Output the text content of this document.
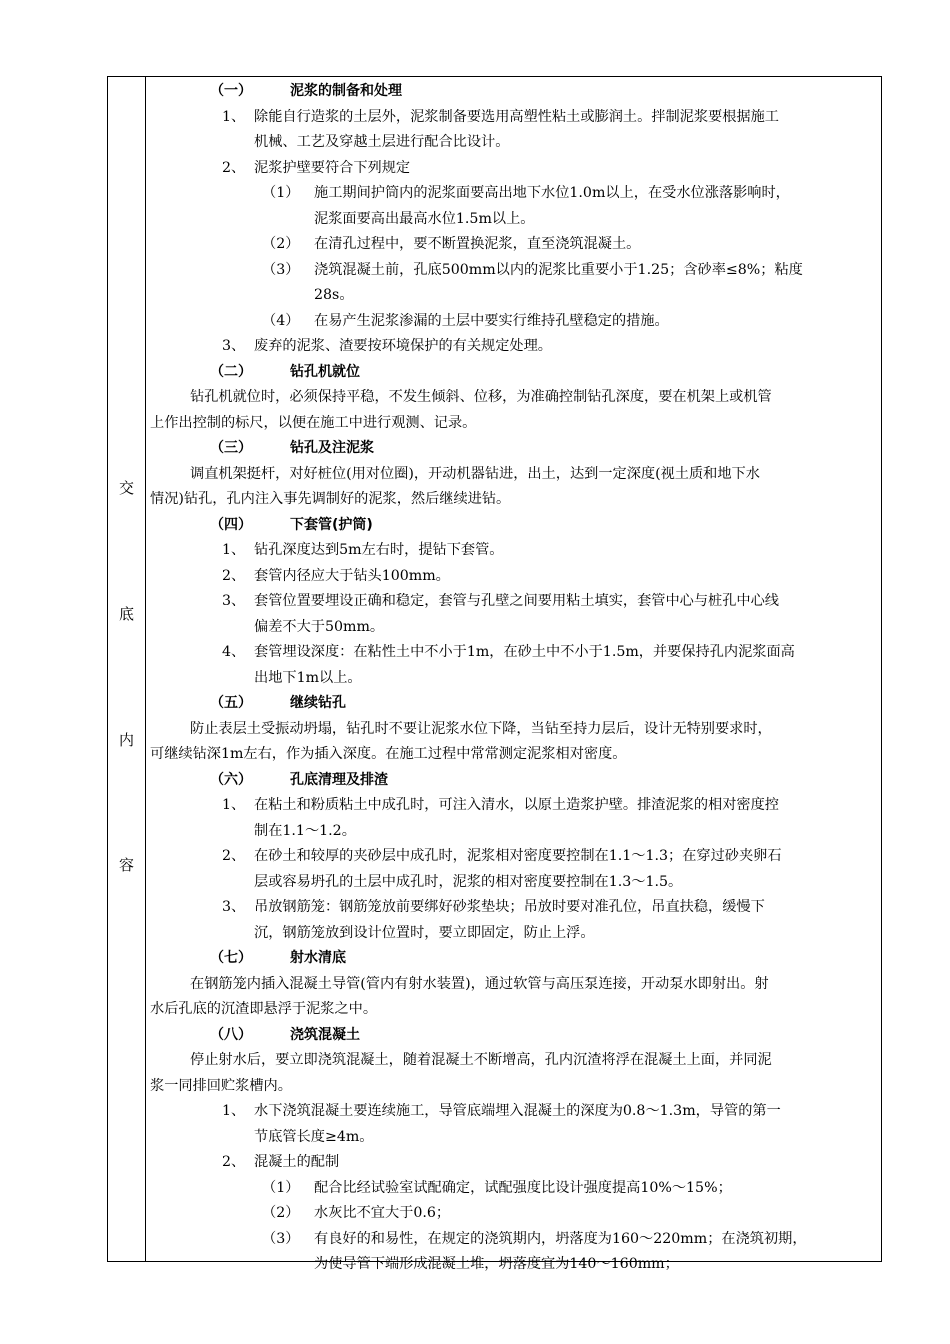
交
底
内
容
（一）	泥浆的制备和处理
1、 除能自行造浆的土层外，泥浆制备要选用高塑性粘土或膨润土。拌制泥浆要根据施工
机械、工艺及穿越土层进行配合比设计。
2、 泥浆护壁要符合下列规定
（1） 施工期间护筒内的泥浆面要高出地下水位1.0m以上，在受水位涨落影响时，
泥浆面要高出最高水位1.5m以上。
（2） 在清孔过程中，要不断置换泥浆，直至浇筑混凝土。
（3） 浇筑混凝土前，孔底500mm以内的泥浆比重要小于1.25；含砂率≤8%；粘度
28s。
（4） 在易产生泥浆渗漏的土层中要实行维持孔壁稳定的措施。
3、 废弃的泥浆、渣要按环境保护的有关规定处理。
（二）	钻孔机就位
钻孔机就位时，必须保持平稳，不发生倾斜、位移，为准确控制钻孔深度，要在机架上或机管
上作出控制的标尺，以便在施工中进行观测、记录。
（三）	钻孔及注泥浆
调直机架挺杆，对好桩位(用对位圈)，开动机器钻进，出土，达到一定深度(视土质和地下水
情况)钻孔，孔内注入事先调制好的泥浆，然后继续进钻。
（四）	下套管(护筒)
1、 钻孔深度达到5m左右时，提钻下套管。
2、 套管内径应大于钻头100mm。
3、 套管位置要埋设正确和稳定，套管与孔壁之间要用粘土填实，套管中心与桩孔中心线
偏差不大于50mm。
4、 套管埋设深度：在粘性土中不小于1m，在砂土中不小于1.5m，并要保持孔内泥浆面高
出地下1m以上。
（五）	继续钻孔
防止表层土受振动坍塌，钻孔时不要让泥浆水位下降，当钻至持力层后，设计无特别要求时，
可继续钻深1m左右，作为插入深度。在施工过程中常常测定泥浆相对密度。
（六）	孔底清理及排渣
1、 在粘土和粉质粘土中成孔时，可注入清水，以原土造浆护壁。排渣泥浆的相对密度控
制在1.1～1.2。
2、 在砂土和较厚的夹砂层中成孔时，泥浆相对密度要控制在1.1～1.3；在穿过砂夹卵石
层或容易坍孔的土层中成孔时，泥浆的相对密度要控制在1.3～1.5。
3、 吊放钢筋笼：钢筋笼放前要绑好砂浆垫块；吊放时要对准孔位，吊直扶稳，缓慢下
沉，钢筋笼放到设计位置时，要立即固定，防止上浮。
（七）	射水清底
在钢筋笼内插入混凝土导管(管内有射水装置)，通过软管与高压泵连接，开动泵水即射出。射
水后孔底的沉渣即悬浮于泥浆之中。
（八）	浇筑混凝土
停止射水后，要立即浇筑混凝土，随着混凝土不断增高，孔内沉渣将浮在混凝土上面，并同泥
浆一同排回贮浆槽内。
1、 水下浇筑混凝土要连续施工，导管底端埋入混凝土的深度为0.8～1.3m，导管的第一
节底管长度≥4m。
2、 混凝土的配制
（1） 配合比经试验室试配确定，试配强度比设计强度提高10%～15%；
（2） 水灰比不宜大于0.6；
（3） 有良好的和易性，在规定的浇筑期内，坍落度为160～220mm；在浇筑初期，
为使导管下端形成混凝土堆，坍落度宜为140～160mm；
